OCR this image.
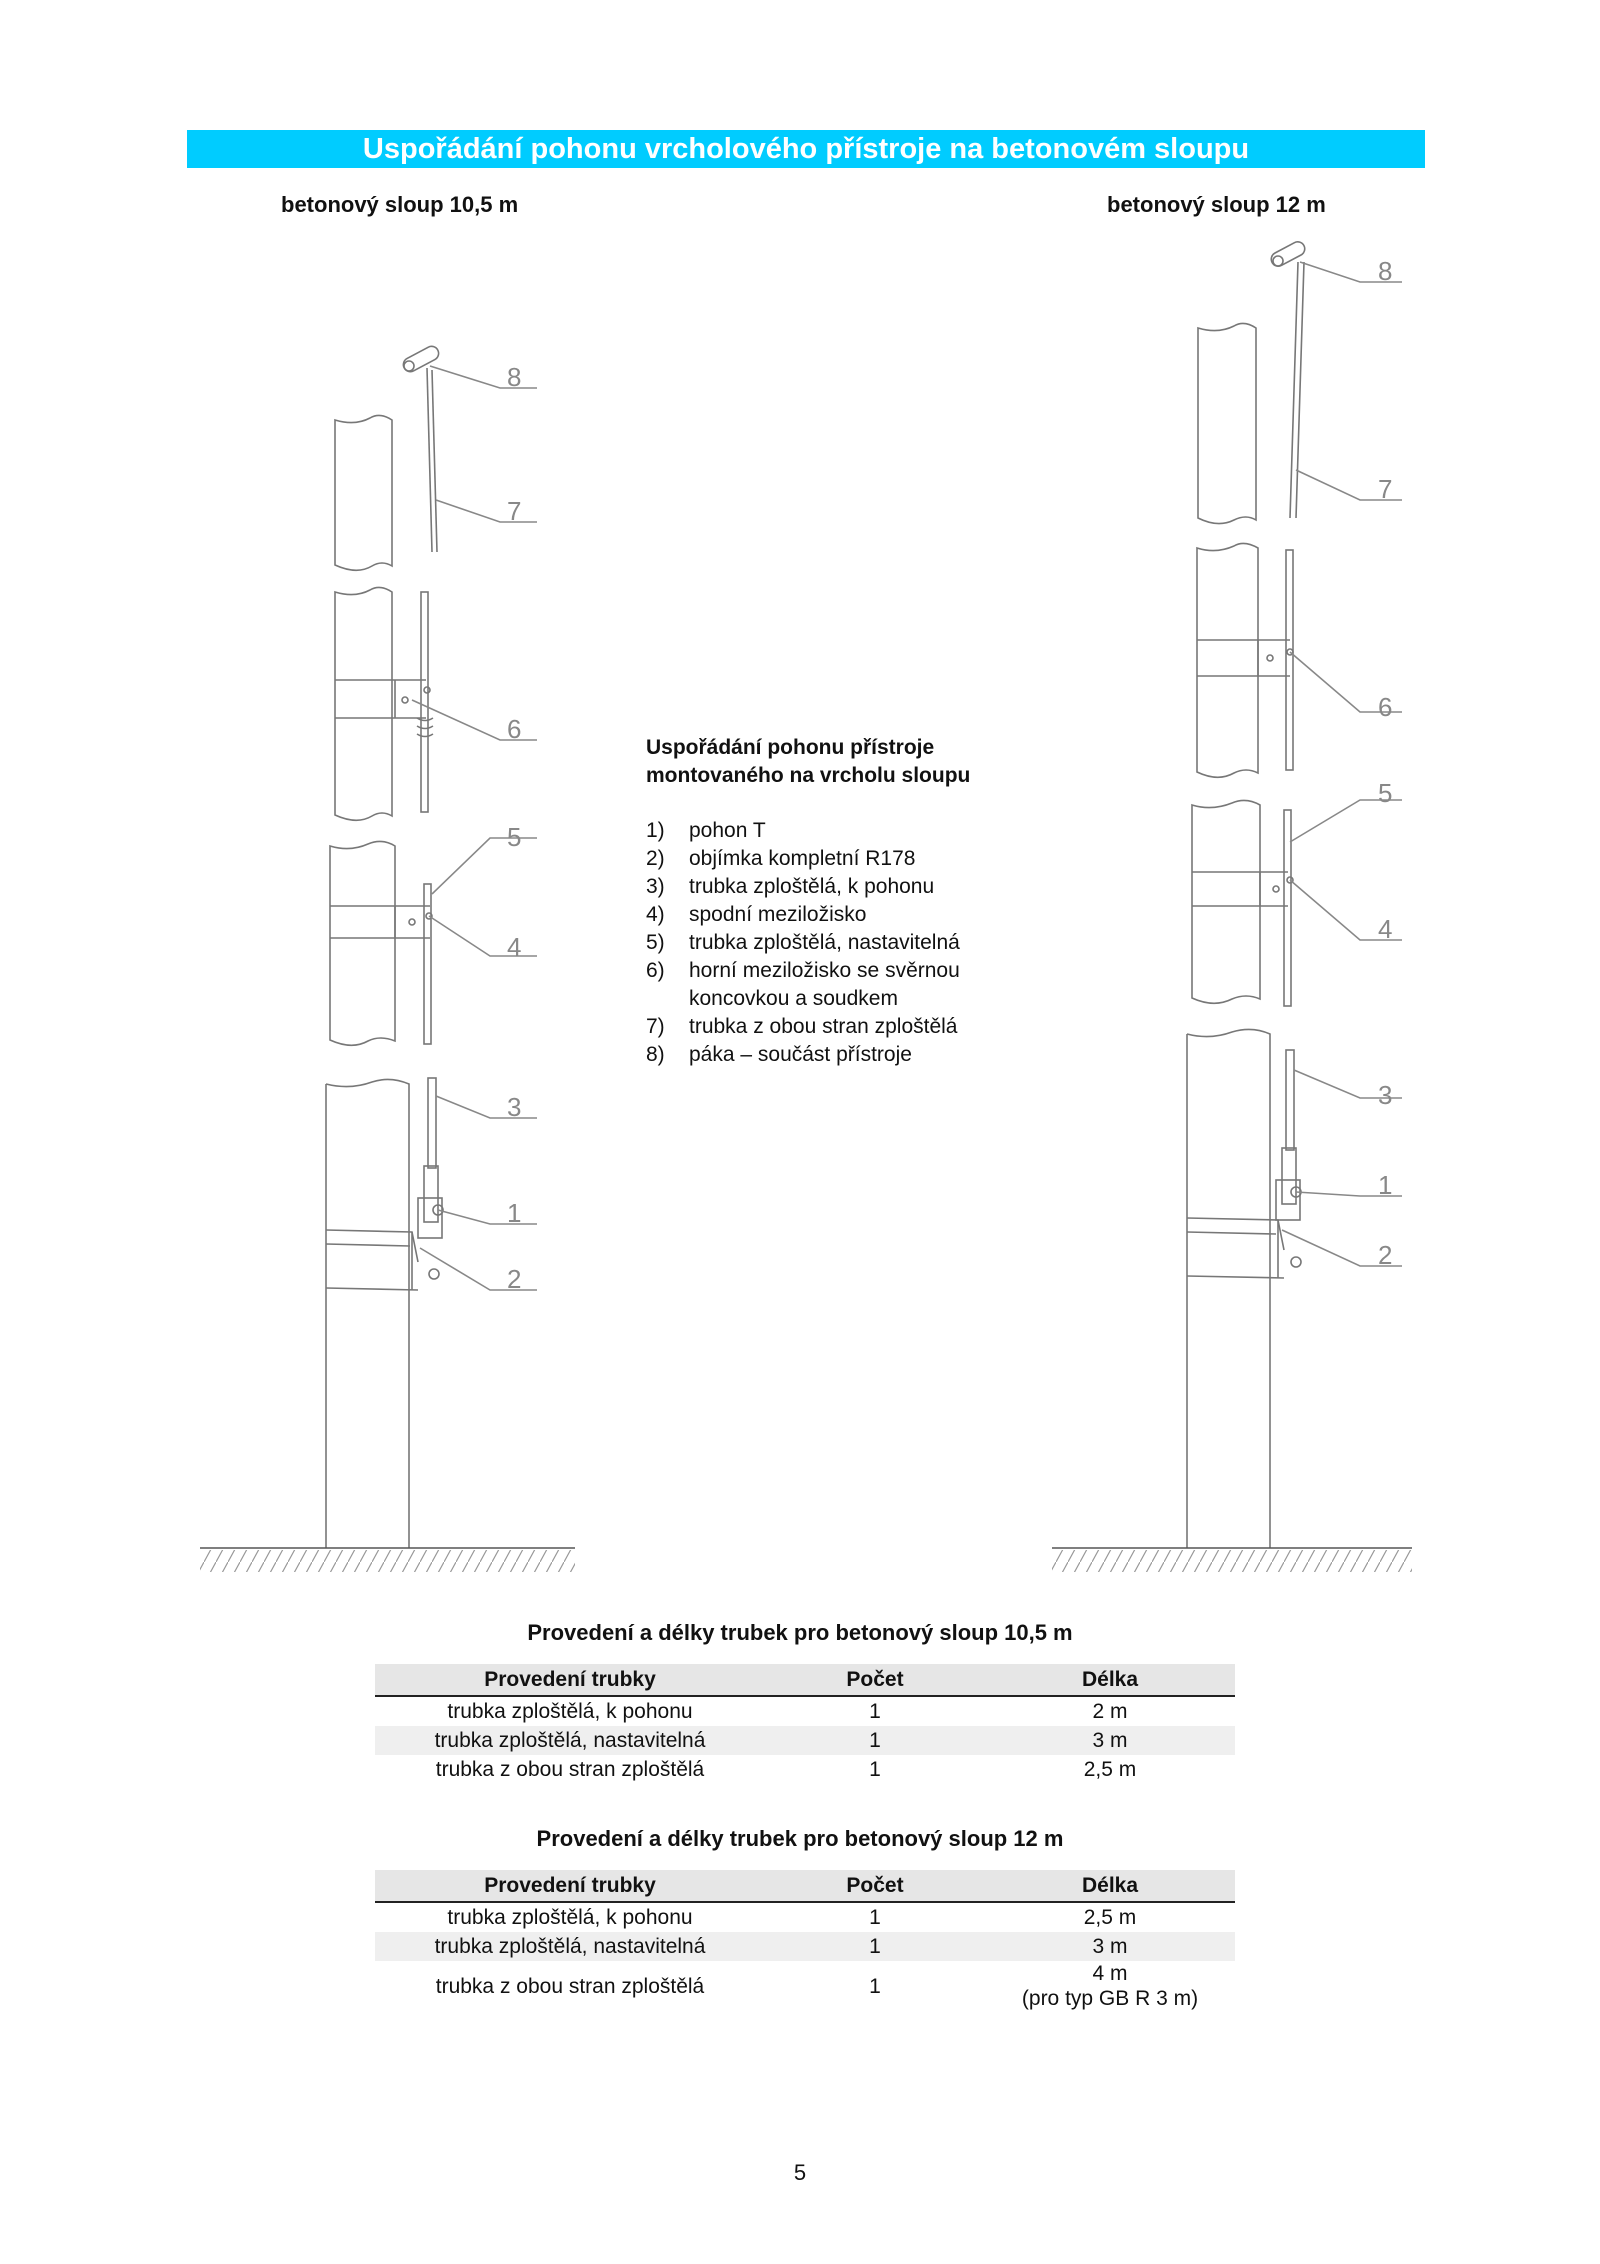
Uspořádání pohonu vrcholového přístroje na betonovém sloupu
betonový sloup 10,5 m	betonový sloup 12 m
8
7
6
5
4
3
1
2
8
7
6
5
4
3
1
2
Uspořádání pohonu přístroje
montovaného na vrcholu sloupu
1)	pohon T
2)	objímka kompletní R178
3)	trubka zploštělá, k pohonu
4)	spodní mezіložisko
5)	trubka zploštělá, nastavitelná
6)	horní mezіložisko se svěrnou
koncovkou a soudkem
7)	trubka z obou stran zploštělá
8)	páka – součást přístroje
Provedení a délky trubek pro betonový sloup 10,5 m
Provedení trubky	Počet	Délka
trubka zploštělá, k pohonu	1	2 m
trubka zploštělá, nastavitelná	1	3 m
trubka z obou stran zploštělá	1	2,5 m
Provedení a délky trubek pro betonový sloup 12 m
Provedení trubky	Počet	Délka
trubka zploštělá, k pohonu	1	2,5 m
trubka zploštělá, nastavitelná	1	3 m
trubka z obou stran zploštělá	1	4 m
(pro typ GB R 3 m)
5
